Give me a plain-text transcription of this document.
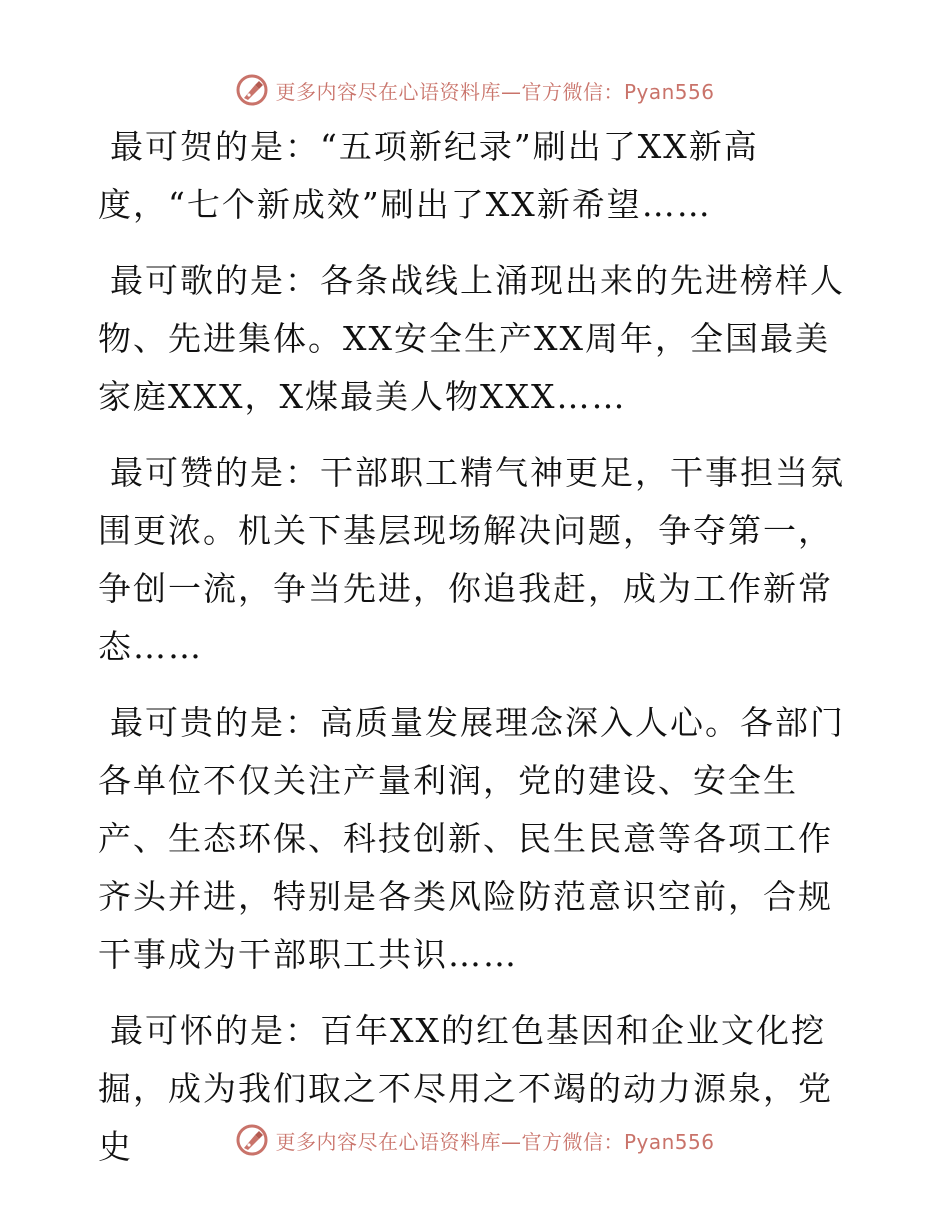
更多内容尽在心语资料库—官方微信：Pyan556

最可贺的是：“五项新纪录”刷出了XX新高度，“七个新成效”刷出了XX新希望……

最可歌的是：各条战线上涌现出来的先进榜样人物、先进集体。XX安全生产XX周年，全国最美家庭XXX，X煤最美人物XXX……

最可赞的是：干部职工精气神更足，干事担当氛围更浓。机关下基层现场解决问题，争夺第一，争创一流，争当先进，你追我赶，成为工作新常态……

最可贵的是：高质量发展理念深入人心。各部门各单位不仅关注产量利润，党的建设、安全生产、生态环保、科技创新、民生民意等各项工作齐头并进，特别是各类风险防范意识空前，合规干事成为干部职工共识……

最可怀的是：百年XX的红色基因和企业文化挖掘，成为我们取之不尽用之不竭的动力源泉，党史	更多内容尽在心语资料库—官方微信：Pyan556
